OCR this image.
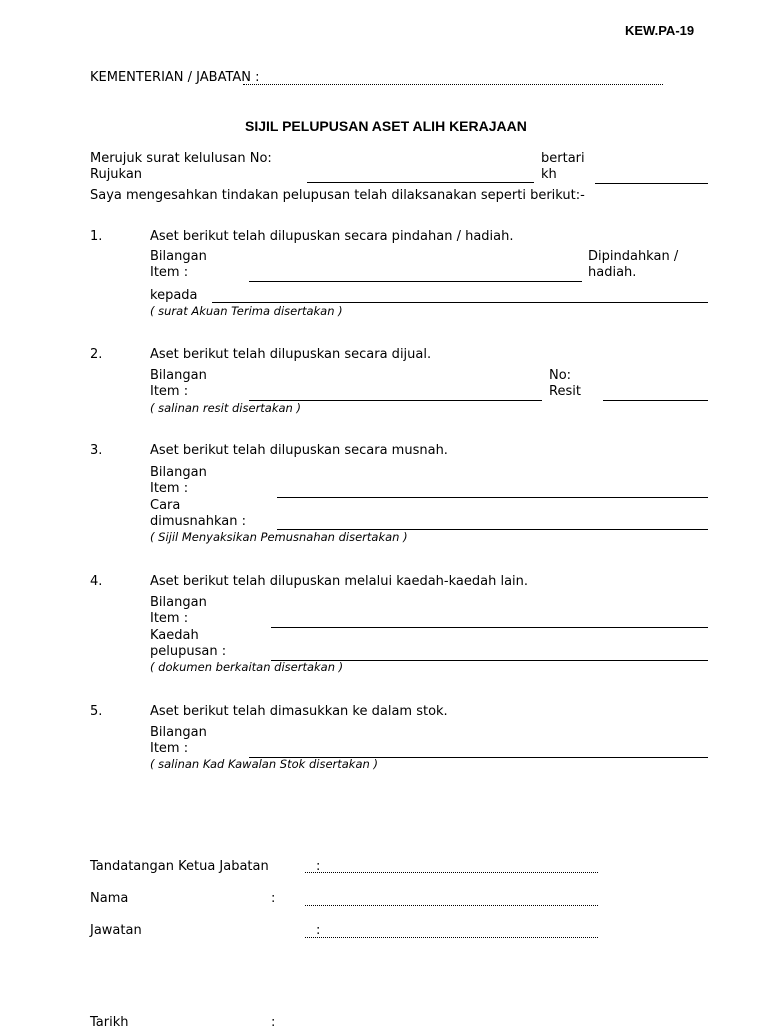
KEW.PA-19
KEMENTERIAN / JABATAN :
SIJIL PELUPUSAN ASET ALIH KERAJAAN
Merujuk surat kelulusan No:
Rujukan
bertari
kh
Saya mengesahkan tindakan pelupusan telah dilaksanakan seperti berikut:-
1.	Aset berikut telah dilupuskan secara pindahan / hadiah.
Bilangan
Item :
Dipindahkan /
hadiah.
kepada
( surat Akuan Terima disertakan )
2.	Aset berikut telah dilupuskan secara dijual.
Bilangan
Item :
No:
Resit
( salinan resit disertakan )
3.	Aset berikut telah dilupuskan secara musnah.
Bilangan
Item :
Cara
dimusnahkan :
( Sijil Menyaksikan Pemusnahan disertakan )
4.	Aset berikut telah dilupuskan melalui kaedah-kaedah lain.
Bilangan
Item :
Kaedah
pelupusan :
( dokumen berkaitan disertakan )
5.	Aset berikut telah dimasukkan ke dalam stok.
Bilangan
Item :
( salinan Kad Kawalan Stok disertakan )
Tandatangan Ketua Jabatan	:
Nama	:
Jawatan	:
Tarikh	:
